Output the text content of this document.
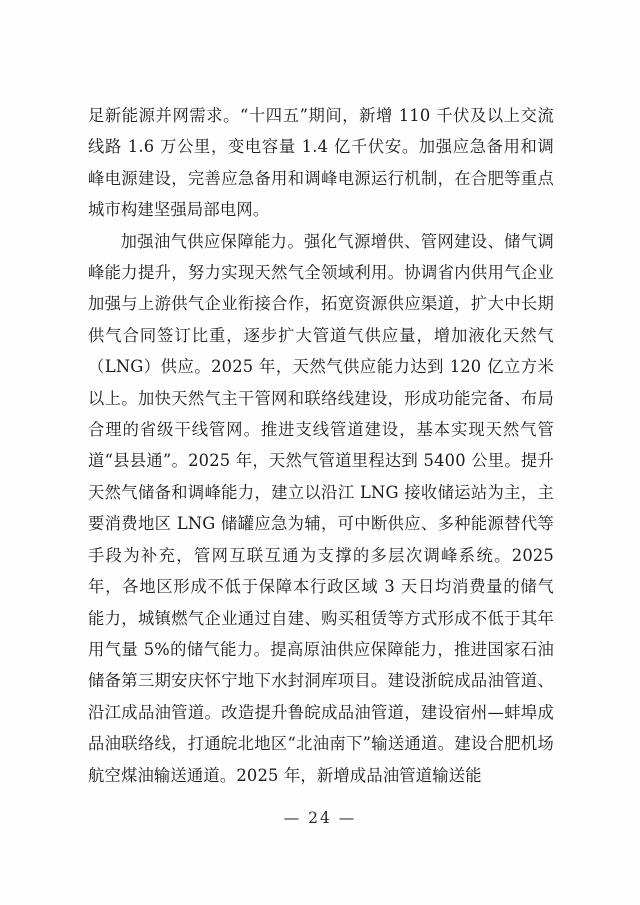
足新能源并网需求。“十四五”期间，新增 110 千伏及以上交流线路 1.6 万公里，变电容量 1.4 亿千伏安。加强应急备用和调峰电源建设，完善应急备用和调峰电源运行机制，在合肥等重点城市构建坚强局部电网。

加强油气供应保障能力。强化气源增供、管网建设、储气调峰能力提升，努力实现天然气全领域利用。协调省内供用气企业加强与上游供气企业衔接合作，拓宽资源供应渠道，扩大中长期供气合同签订比重，逐步扩大管道气供应量，增加液化天然气（LNG）供应。2025 年，天然气供应能力达到 120 亿立方米以上。加快天然气主干管网和联络线建设，形成功能完备、布局合理的省级干线管网。推进支线管道建设，基本实现天然气管道“县县通”。2025 年，天然气管道里程达到 5400 公里。提升天然气储备和调峰能力，建立以沿江 LNG 接收储运站为主，主要消费地区 LNG 储罐应急为辅，可中断供应、多种能源替代等手段为补充，管网互联互通为支撑的多层次调峰系统。2025 年，各地区形成不低于保障本行政区域 3 天日均消费量的储气能力，城镇燃气企业通过自建、购买租赁等方式形成不低于其年用气量 5%的储气能力。提高原油供应保障能力，推进国家石油储备第三期安庆怀宁地下水封洞库项目。建设浙皖成品油管道、沿江成品油管道。改造提升鲁皖成品油管道，建设宿州—蚌埠成品油联络线，打通皖北地区“北油南下”输送通道。建设合肥机场航空煤油输送通道。2025 年，新增成品油管道输送能

— 24 —
